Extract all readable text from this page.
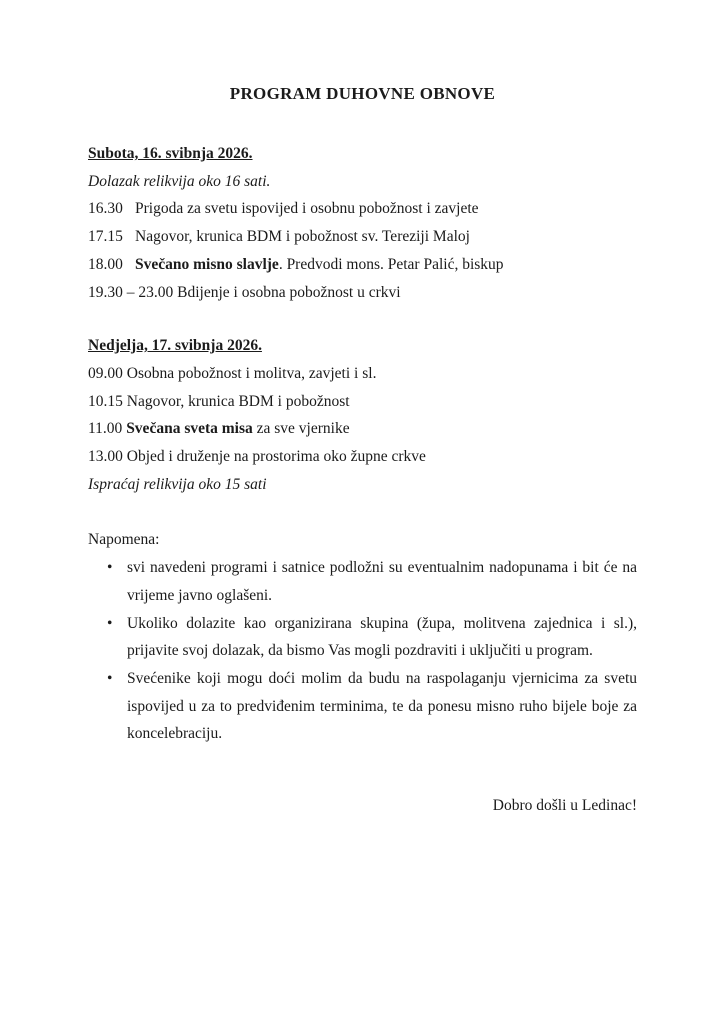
PROGRAM DUHOVNE OBNOVE

Subota, 16. svibnja 2026.

Dolazak relikvija oko 16 sati.

16.30 Prigoda za svetu ispovijed i osobnu pobožnost i zavjete

17.15 Nagovor, krunica BDM i pobožnost sv. Tereziji Maloj

18.00 Svečano misno slavlje. Predvodi mons. Petar Palić, biskup

19.30 – 23.00 Bdijenje i osobna pobožnost u crkvi

Nedjelja, 17. svibnja 2026.

09.00 Osobna pobožnost i molitva, zavjeti i sl.

10.15 Nagovor, krunica BDM i pobožnost

11.00 Svečana sveta misa za sve vjernike

13.00 Objed i druženje na prostorima oko župne crkve

Ispraćaj relikvija oko 15 sati

Napomena:

• svi navedeni programi i satnice podložni su eventualnim nadopunama i bit će na vrijeme javno oglašeni.
• Ukoliko dolazite kao organizirana skupina (župa, molitvena zajednica i sl.), prijavite svoj dolazak, da bismo Vas mogli pozdraviti i uključiti u program.
• Svećenike koji mogu doći molim da budu na raspolaganju vjernicima za svetu ispovijed u za to predviđenim terminima, te da ponesu misno ruho bijele boje za koncelebraciju.

Dobro došli u Ledinac!
